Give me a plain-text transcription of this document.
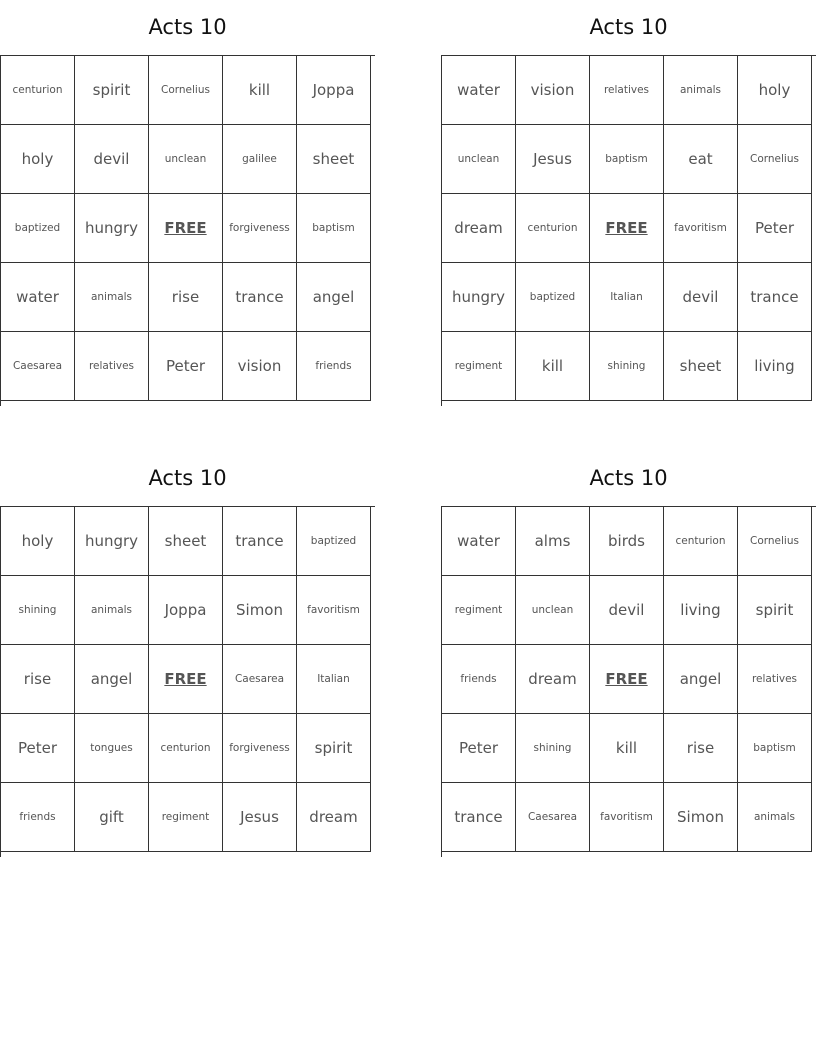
Acts 10
centurion	spirit	Cornelius	kill	Joppa
holy	devil	unclean	galilee	sheet
baptized	hungry	FREE	forgiveness	baptism
water	animals	rise	trance	angel
Caesarea	relatives	Peter	vision	friends
Acts 10
water	vision	relatives	animals	holy
unclean	Jesus	baptism	eat	Cornelius
dream	centurion	FREE	favoritism	Peter
hungry	baptized	Italian	devil	trance
regiment	kill	shining	sheet	living
Acts 10
holy	hungry	sheet	trance	baptized
shining	animals	Joppa	Simon	favoritism
rise	angel	FREE	Caesarea	Italian
Peter	tongues	centurion	forgiveness	spirit
friends	gift	regiment	Jesus	dream
Acts 10
water	alms	birds	centurion	Cornelius
regiment	unclean	devil	living	spirit
friends	dream	FREE	angel	relatives
Peter	shining	kill	rise	baptism
trance	Caesarea	favoritism	Simon	animals
